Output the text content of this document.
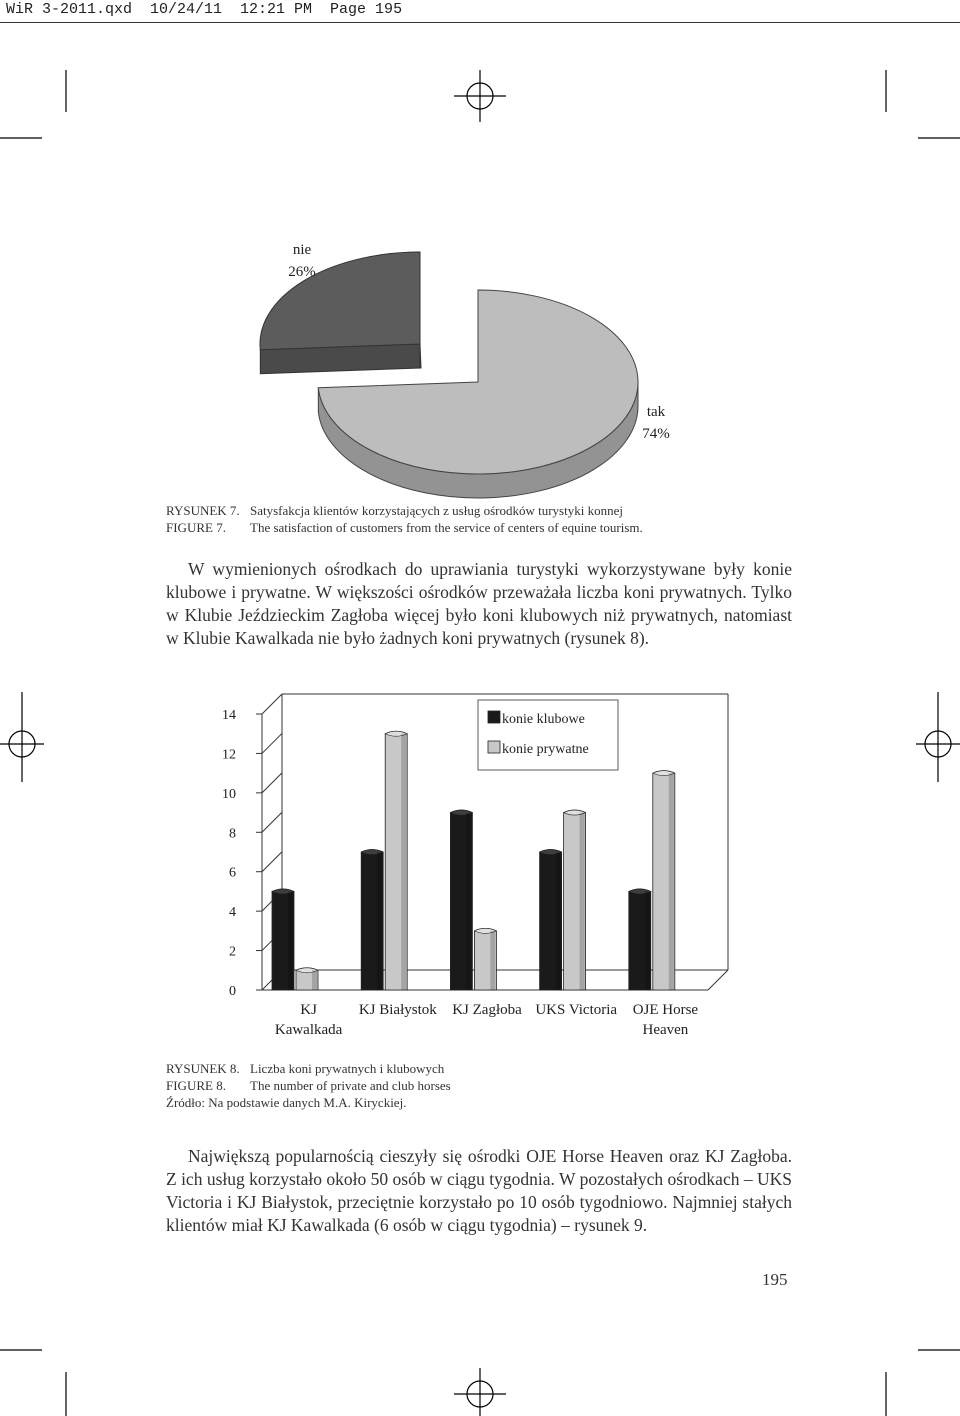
WiR 3-2011.qxd  10/24/11  12:21 PM  Page 195
nie
26%
tak
74%
RYSUNEK 7. Satysfakcja klientów korzystających z usług ośrodków turystyki konnej
FIGURE 7. The satisfaction of customers from the service of centers of equine tourism.

W wymienionych ośrodkach do uprawiania turystyki wykorzystywane były konie klubowe i prywatne. W większości ośrodków przeważała liczba koni prywatnych. Tylko w Klubie Jeździeckim Zagłoba więcej było koni klubowych niż prywatnych, natomiast w Klubie Kawalkada nie było żadnych koni prywatnych (rysunek 8).

0
2
4
6
8
10
12
14
KJ
Kawalkada
KJ Białystok KJ Zagłoba UKS Victoria OJE Horse
Heaven
konie klubowe
konie prywatne
RYSUNEK 8. Liczba koni prywatnych i klubowych
FIGURE 8. The number of private and club horses
Źródło: Na podstawie danych M.A. Kiryckiej.

Największą popularnością cieszyły się ośrodki OJE Horse Heaven oraz KJ Zagłoba. Z ich usług korzystało około 50 osób w ciągu tygodnia. W pozostałych ośrodkach – UKS Victoria i KJ Białystok, przeciętnie korzystało po 10 osób tygodniowo. Najmniej stałych klientów miał KJ Kawalkada (6 osób w ciągu tygodnia) – rysunek 9.

195
